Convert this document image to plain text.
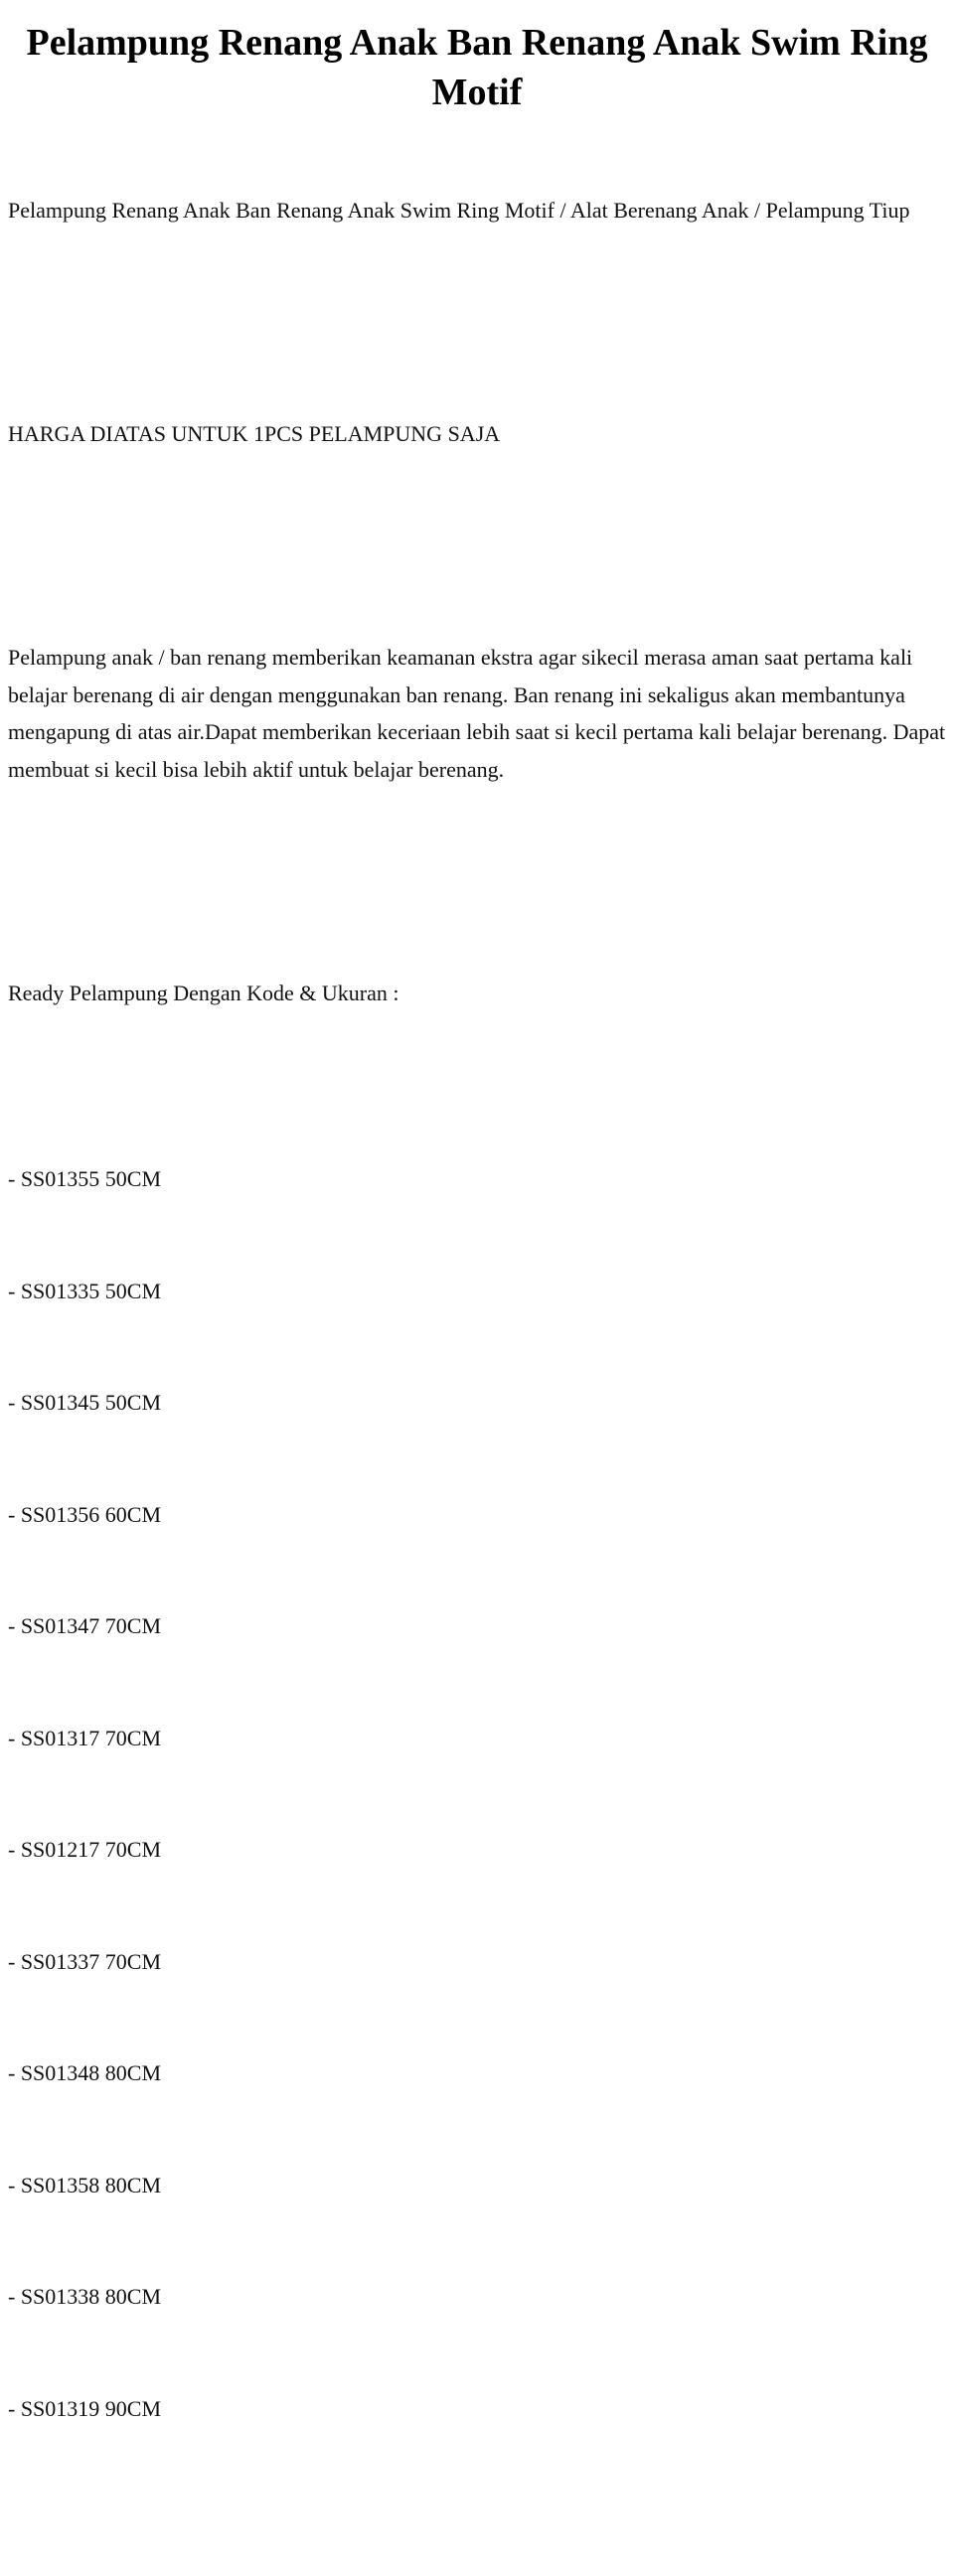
Pelampung Renang Anak Ban Renang Anak Swim Ring Motif

Pelampung Renang Anak Ban Renang Anak Swim Ring Motif / Alat Berenang Anak / Pelampung Tiup

HARGA DIATAS UNTUK 1PCS PELAMPUNG SAJA

Pelampung anak / ban renang memberikan keamanan ekstra agar sikecil merasa aman saat pertama kali belajar berenang di air dengan menggunakan ban renang. Ban renang ini sekaligus akan membantunya mengapung di atas air.Dapat memberikan keceriaan lebih saat si kecil pertama kali belajar berenang. Dapat membuat si kecil bisa lebih aktif untuk belajar berenang.

Ready Pelampung Dengan Kode & Ukuran :

- SS01355 50CM

- SS01335 50CM

- SS01345 50CM

- SS01356 60CM

- SS01347 70CM

- SS01317 70CM

- SS01217 70CM

- SS01337 70CM

- SS01348 80CM

- SS01358 80CM

- SS01338 80CM

- SS01319 90CM
